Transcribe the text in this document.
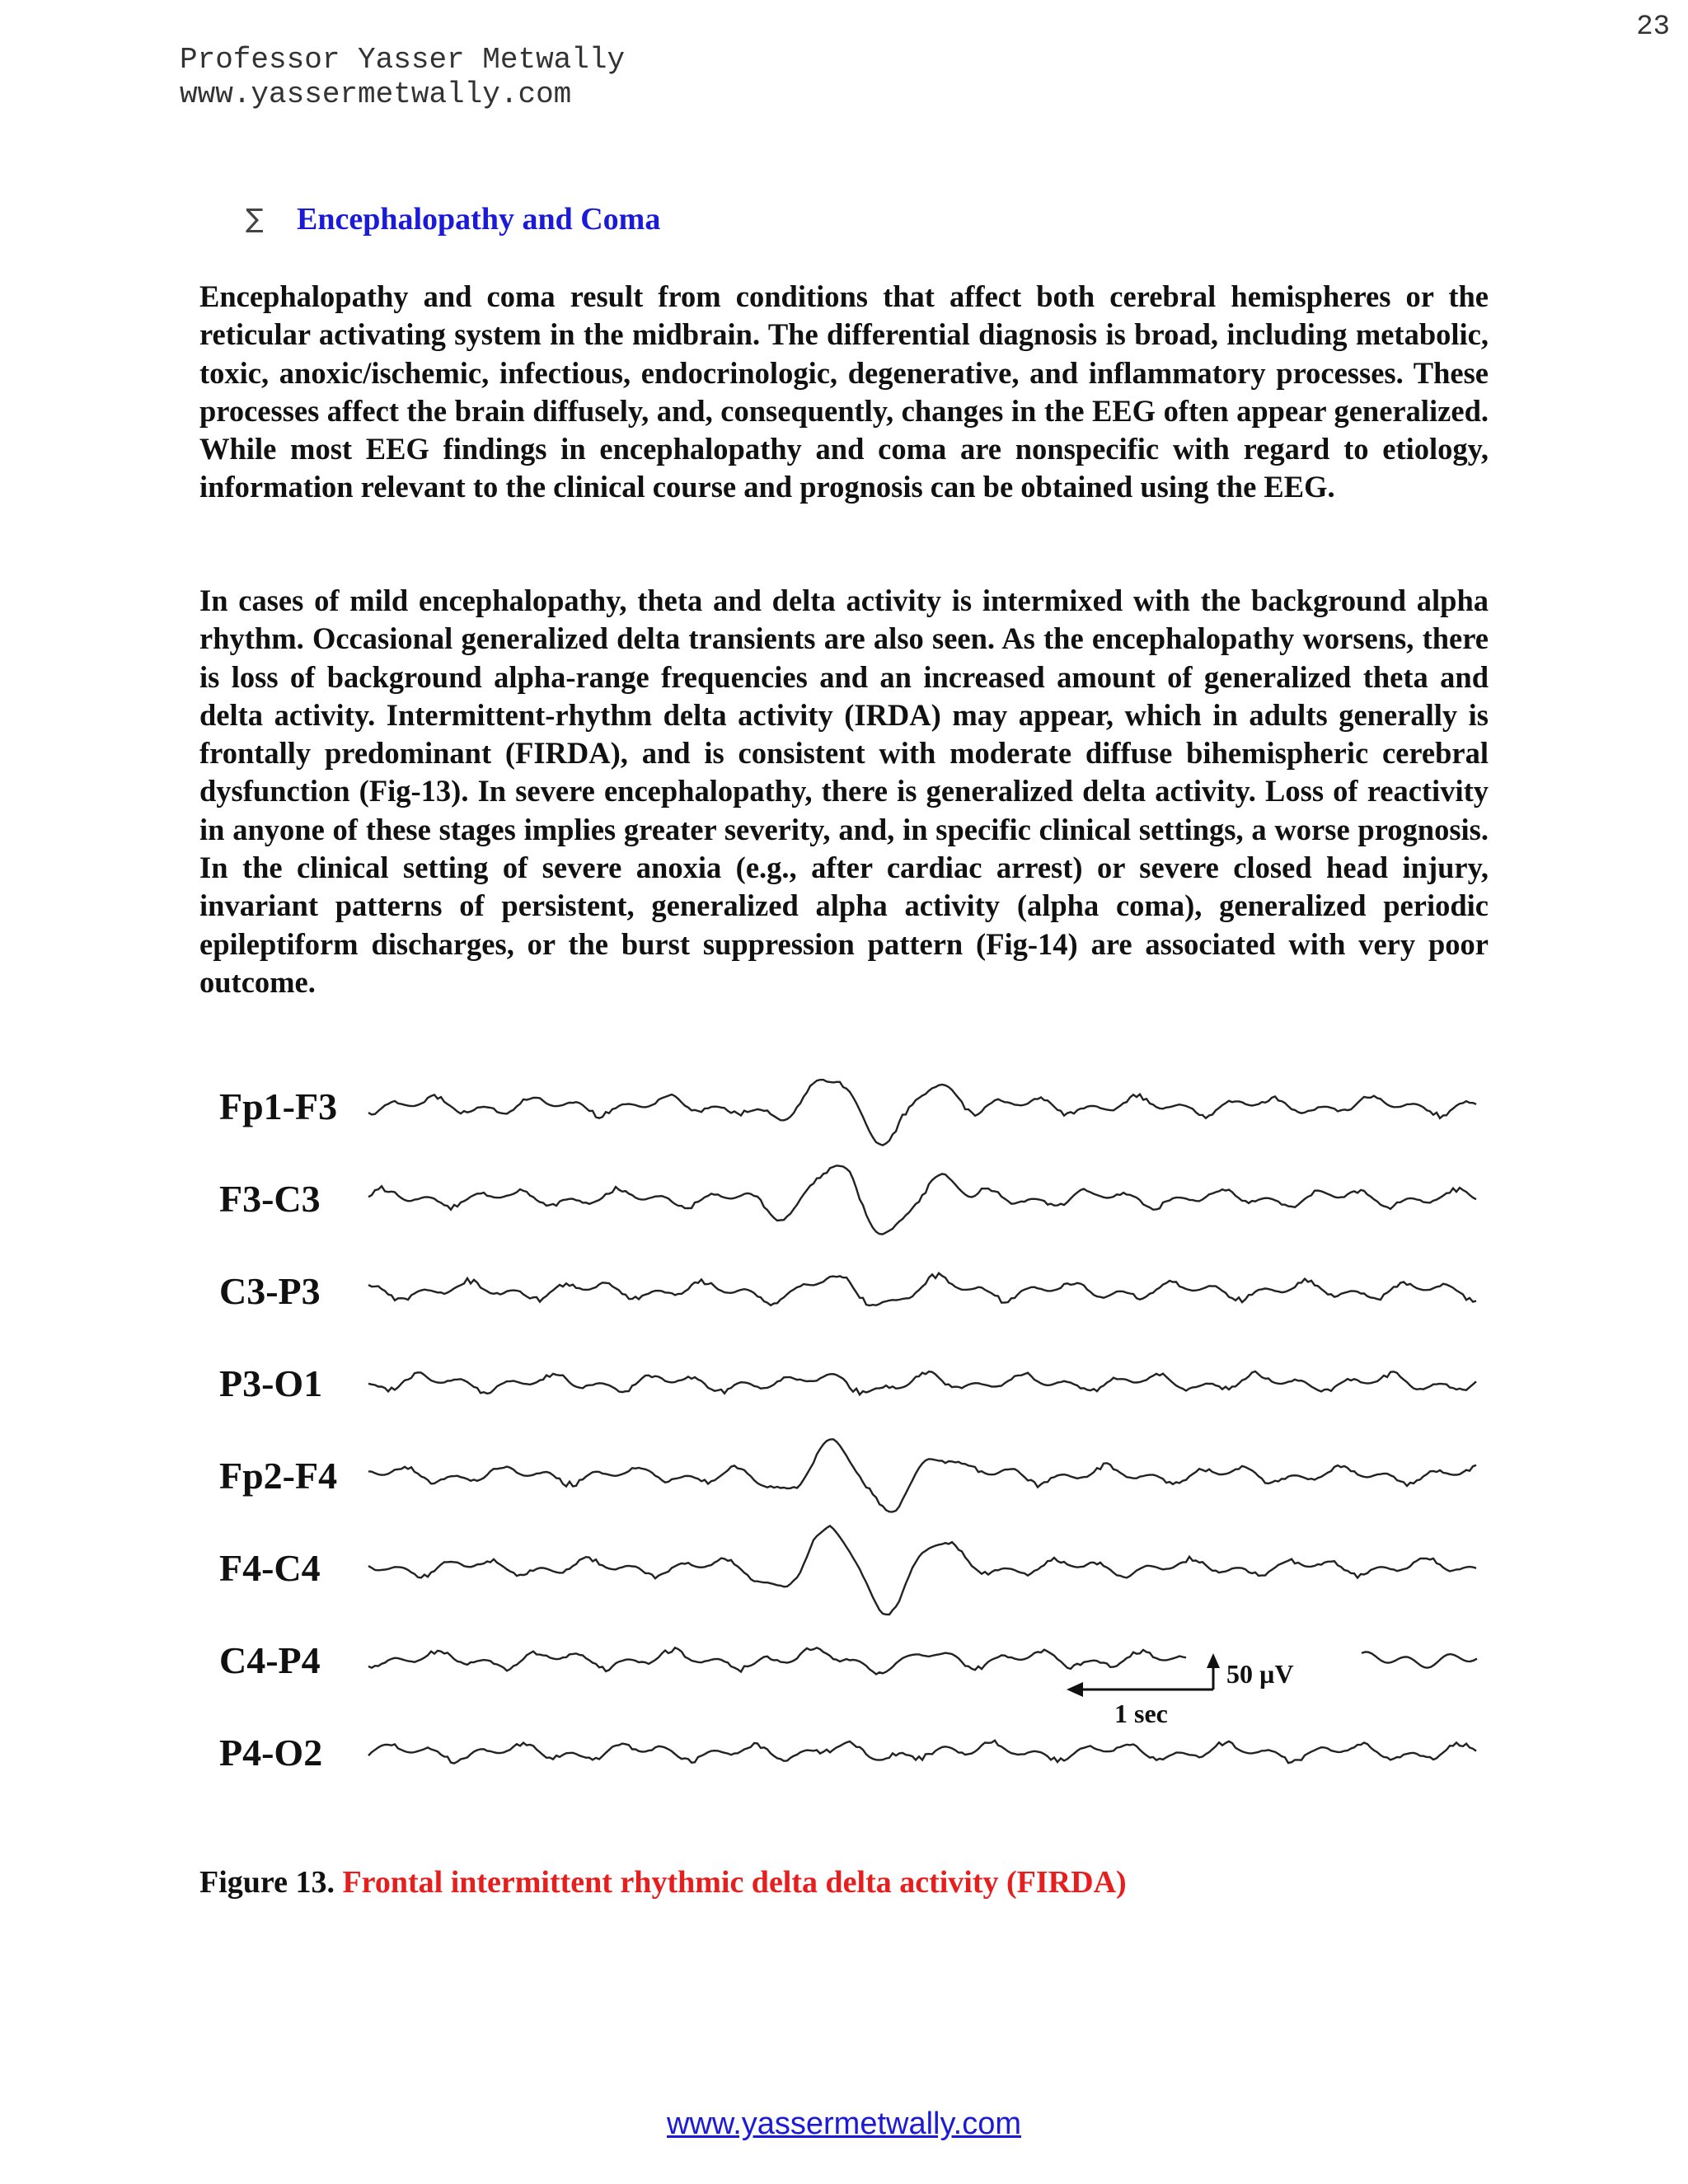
23
Professor Yasser Metwally
www.yassermetwally.com
∑ Encephalopathy and Coma

Encephalopathy and coma result from conditions that affect both cerebral hemispheres or the reticular activating system in the midbrain. The differential diagnosis is broad, including metabolic, toxic, anoxic/ischemic, infectious, endocrinologic, degenerative, and inflammatory processes. These processes affect the brain diffusely, and, consequently, changes in the EEG often appear generalized. While most EEG findings in encephalopathy and coma are nonspecific with regard to etiology, information relevant to the clinical course and prognosis can be obtained using the EEG.

In cases of mild encephalopathy, theta and delta activity is intermixed with the background alpha rhythm. Occasional generalized delta transients are also seen. As the encephalopathy worsens, there is loss of background alpha-range frequencies and an increased amount of generalized theta and delta activity. Intermittent-rhythm delta activity (IRDA) may appear, which in adults generally is frontally predominant (FIRDA), and is consistent with moderate diffuse bihemispheric cerebral dysfunction (Fig-13). In severe encephalopathy, there is generalized delta activity. Loss of reactivity in anyone of these stages implies greater severity, and, in specific clinical settings, a worse prognosis. In the clinical setting of severe anoxia (e.g., after cardiac arrest) or severe closed head injury, invariant patterns of persistent, generalized alpha activity (alpha coma), generalized periodic epileptiform discharges, or the burst suppression pattern (Fig-14) are associated with very poor outcome.

Fp1-F3
F3-C3
C3-P3
P3-O1
Fp2-F4
F4-C4
C4-P4
P4-O2
50 µV
1 sec
Figure 13. Frontal intermittent rhythmic delta delta activity (FIRDA)
www.yassermetwally.com
